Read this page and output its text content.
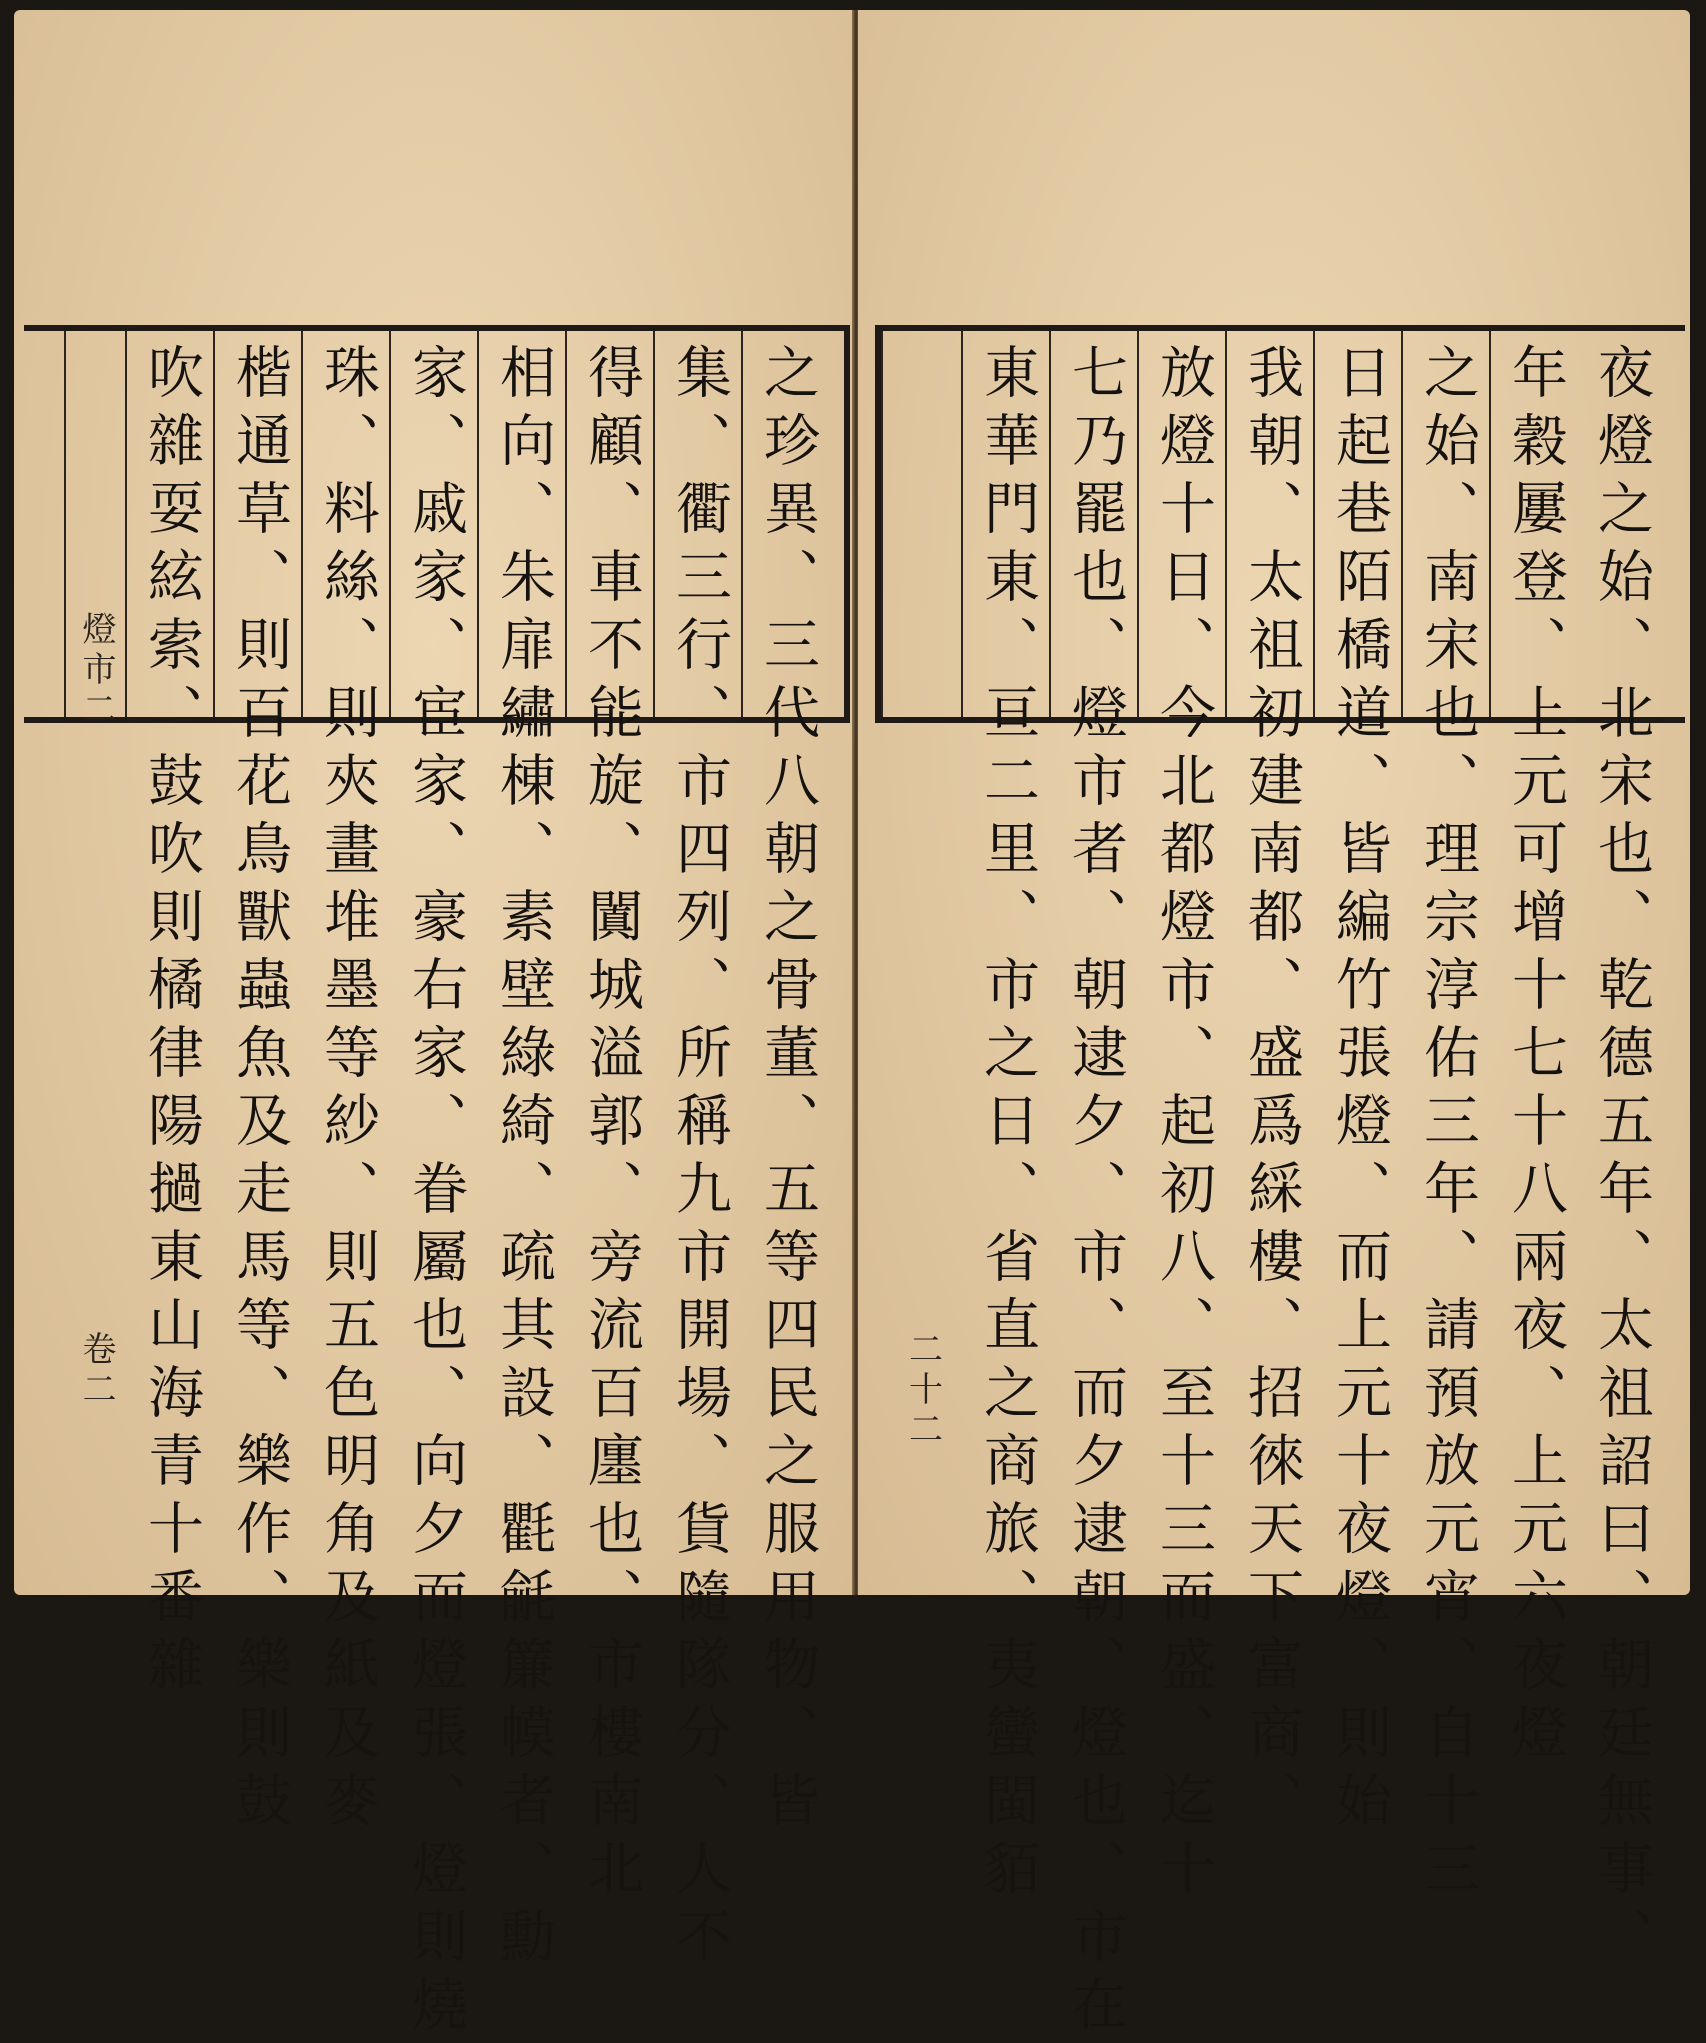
之珍異、三代八朝之骨董、五等四民之服用物、皆
集、衢三行、市四列、所稱九市開場、貨隨隊分、人不
得顧、車不能旋、闐城溢郭、旁流百廛也、市樓南北
相向、朱扉繡棟、素壁綠綺、疏其設、氍毹簾幙者、勳
家、戚家、宦家、豪右家、眷屬也、向夕而燈張、燈則燒
珠、料絲、則夾畫堆墨等紗、則五色明角及紙及麥
楷通草、則百花鳥獸蟲魚及走馬等、樂作、樂則鼓
吹雜耍絃索、鼓吹則橘律陽撾東山海青十番雜
燈市二
卷二	夜燈之始、北宋也、乾德五年、太祖詔曰、朝廷無事、
年穀屢登、上元可增十七十八兩夜、上元六夜燈
之始、南宋也、理宗淳佑三年、請預放元宵、自十三
日起巷陌橋道、皆編竹張燈、而上元十夜燈、則始
我朝、太祖初建南都、盛爲綵樓、招徠天下富商、
放燈十日、今北都燈市、起初八、至十三而盛、迄十
七乃罷也、燈市者、朝逮夕、市、而夕逮朝、燈也、市在
東華門東、亘二里、市之日、省直之商旅、夷蠻閩貊
二十二
